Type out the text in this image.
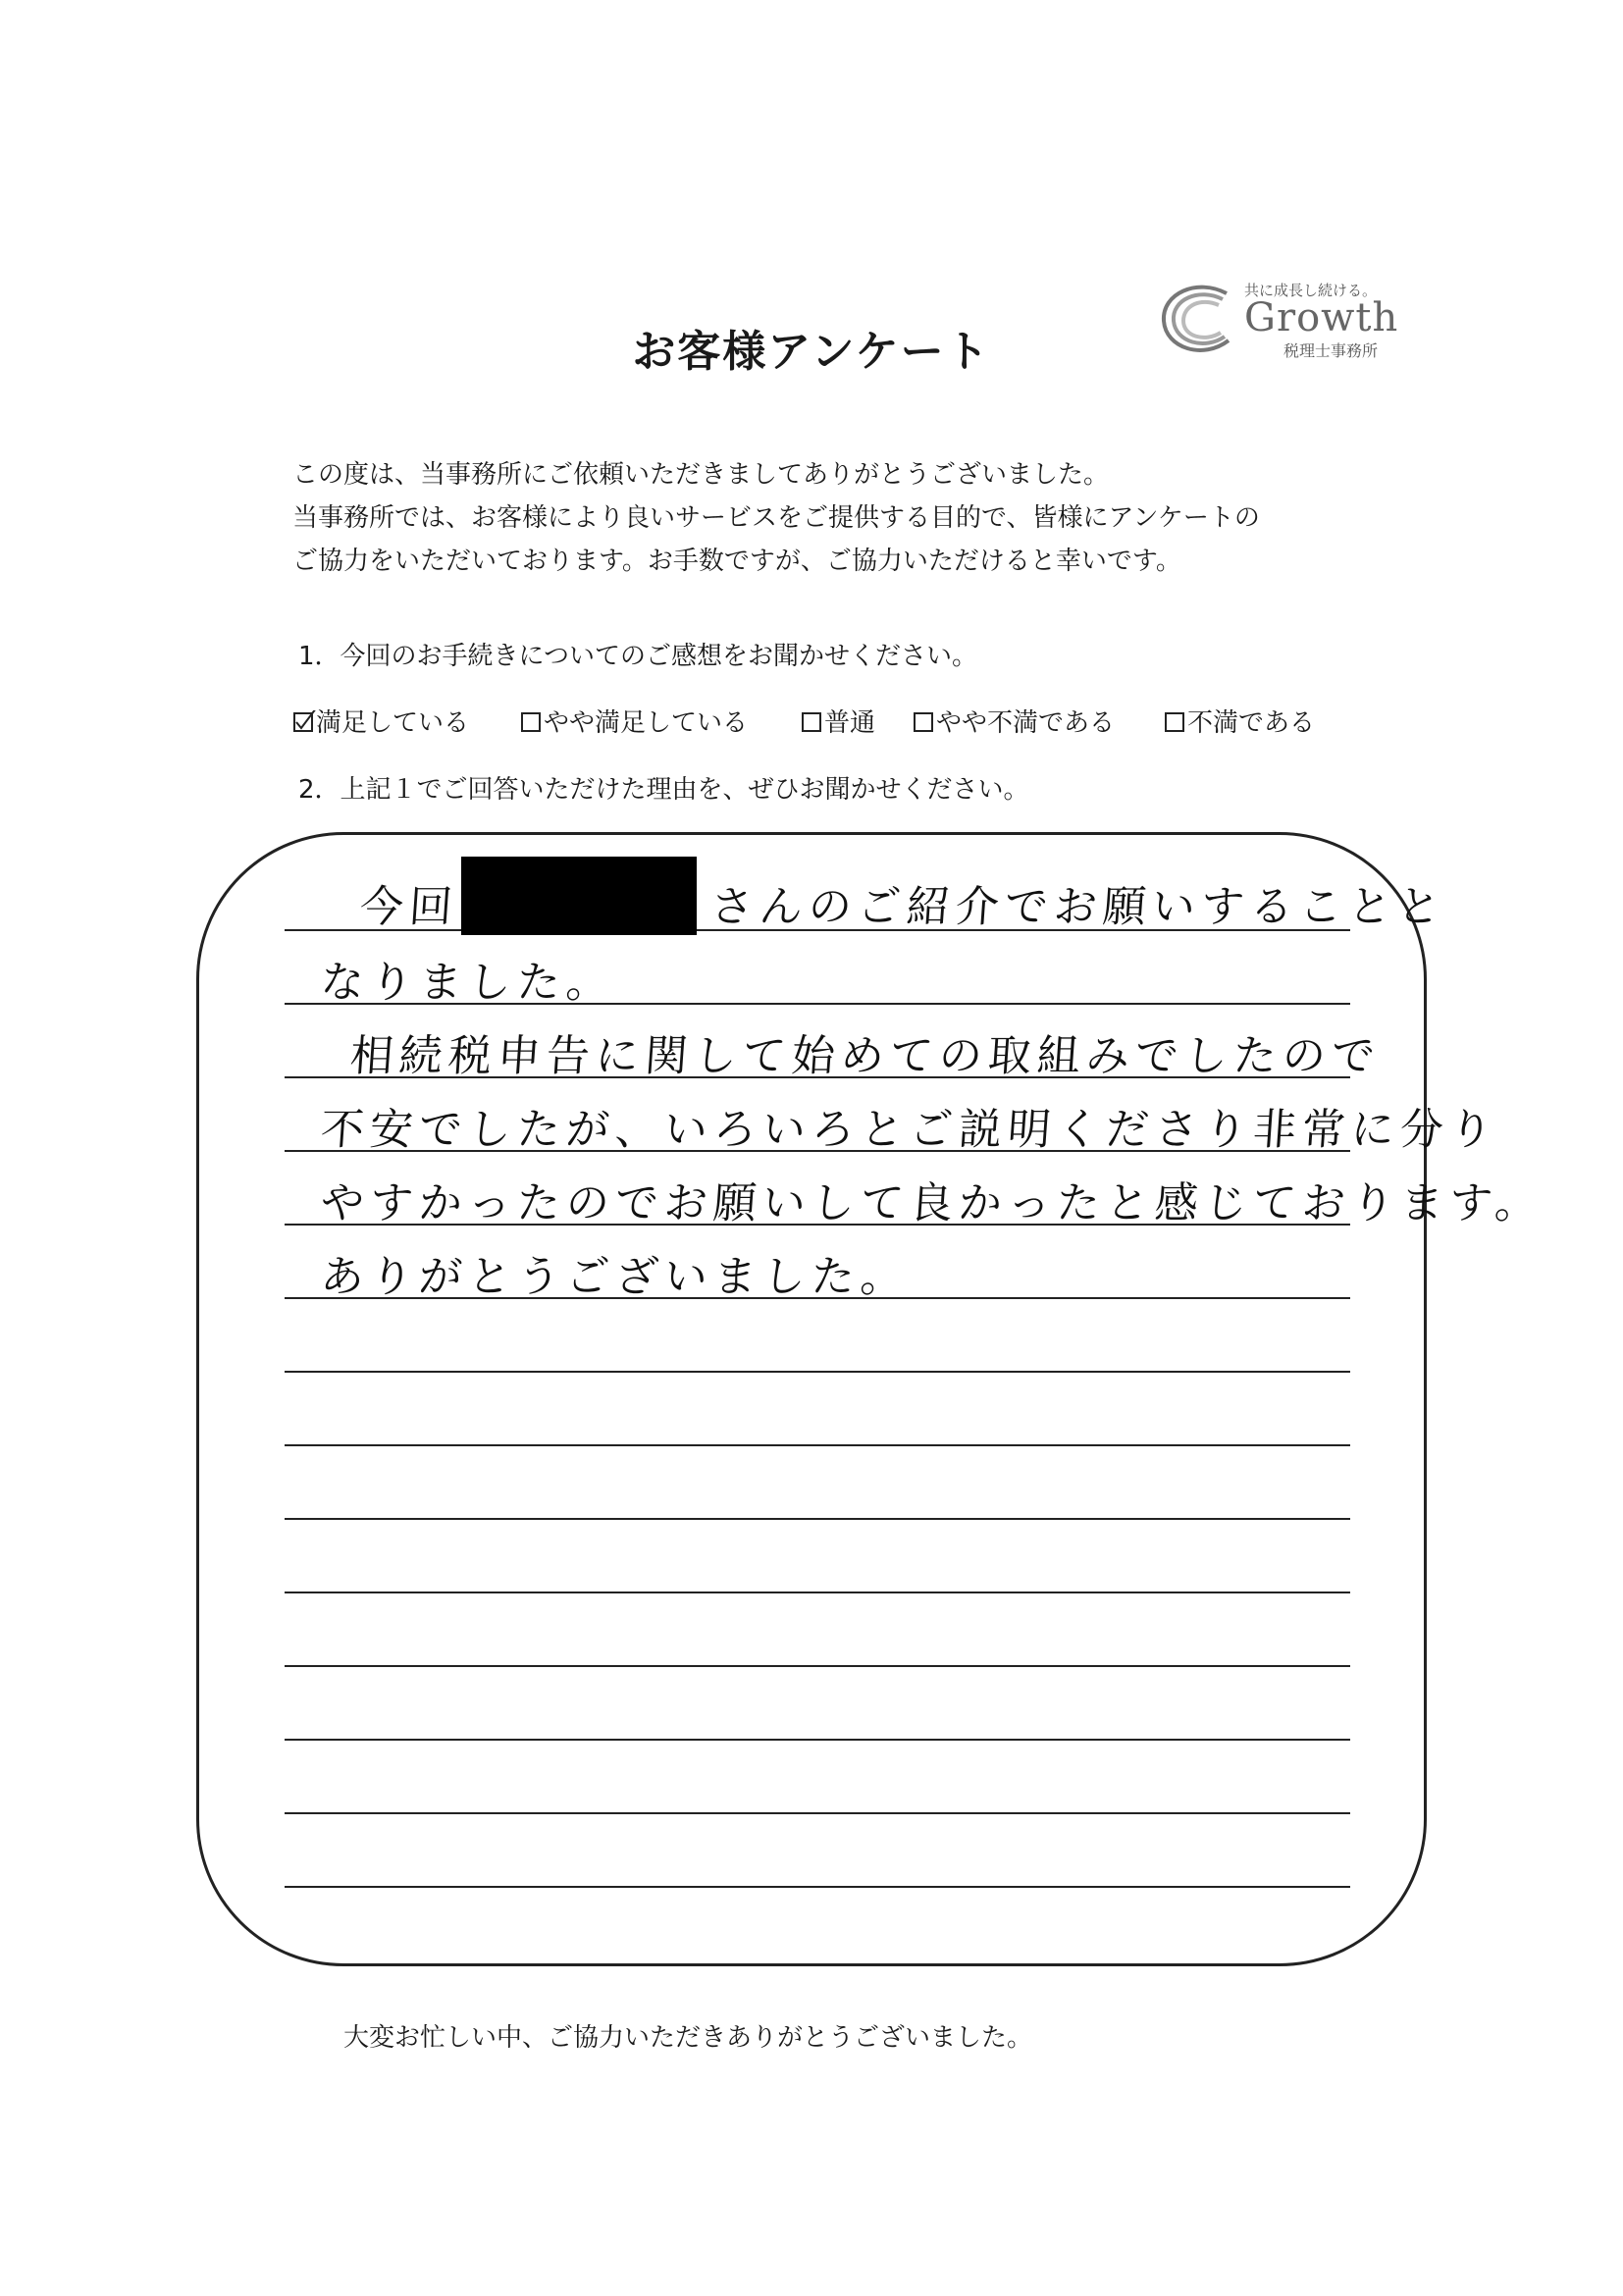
共に成長し続ける。
Growth
税理士事務所
お客様アンケート
この度は、当事務所にご依頼いただきましてありがとうございました。
当事務所では、お客様により良いサービスをご提供する目的で、皆様にアンケートの
ご協力をいただいております。お手数ですが、ご協力いただけると幸いです。
1．今回のお手続きについてのご感想をお聞かせください。
満足している	やや満足している	普通	やや不満である	不満である
2．上記１でご回答いただけた理由を、ぜひお聞かせください。
今回	さんのご紹介でお願いすることと
なりました。
相続税申告に関して始めての取組みでしたので
不安でしたが、いろいろとご説明くださり非常に分り
やすかったのでお願いして良かったと感じております。
ありがとうございました。
大変お忙しい中、ご協力いただきありがとうございました。
